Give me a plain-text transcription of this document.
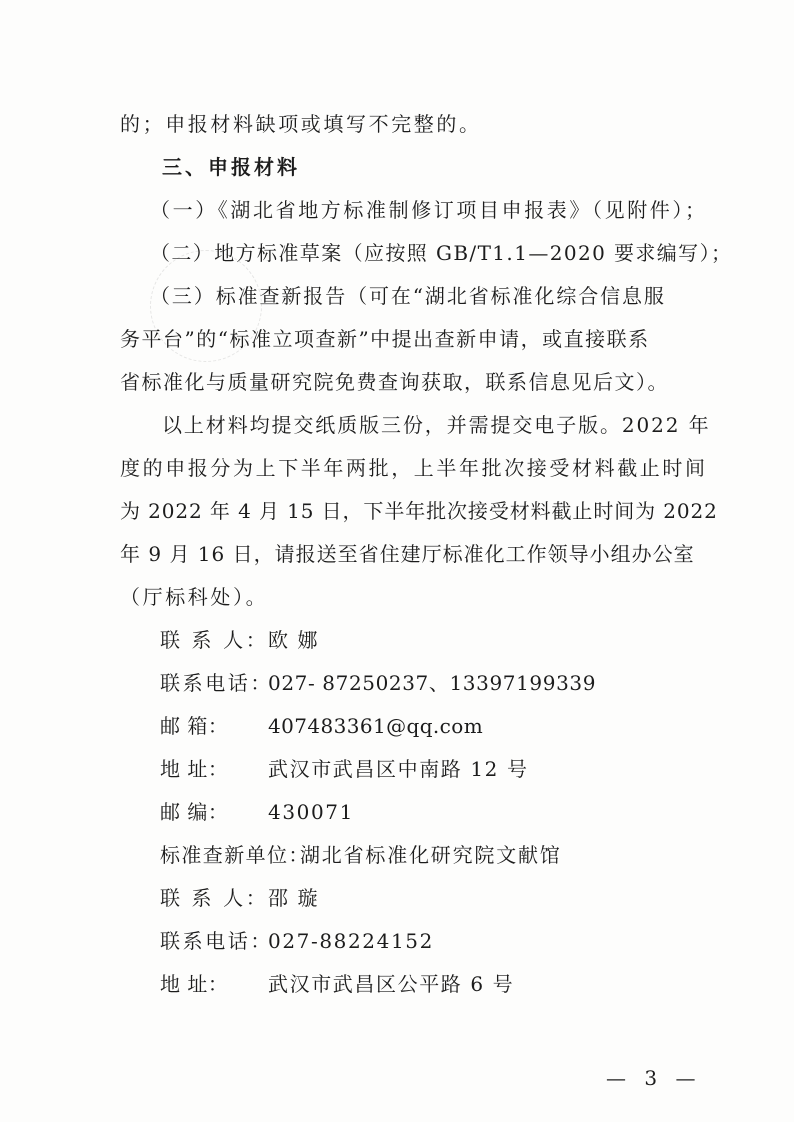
的；申报材料缺项或填写不完整的。
三、申报材料
（一）《湖北省地方标准制修订项目申报表》（见附件）；
（二）地方标准草案（应按照 GB/T1.1—2020 要求编写）；
（三）标准查新报告（可在“湖北省标准化综合信息服
务平台”的“标准立项查新”中提出查新申请，或直接联系
省标准化与质量研究院免费查询获取，联系信息见后文）。
以上材料均提交纸质版三份，并需提交电子版。2022 年
度的申报分为上下半年两批，上半年批次接受材料截止时间
为 2022 年 4 月 15 日，下半年批次接受材料截止时间为 2022
年 9 月 16 日，请报送至省住建厅标准化工作领导小组办公室
（厅标科处）。
联 系 人： 欧 娜
联系电话：
027- 87250237、13397199339
邮 箱： 407483361@qq.com
地 址： 武汉市武昌区中南路 12 号
邮 编： 430071
标准查新单位：
湖北省标准化研究院文献馆
联 系 人： 邵 璇
联系电话：
027-88224152
地 址： 武汉市武昌区公平路 6 号
— 3 —
